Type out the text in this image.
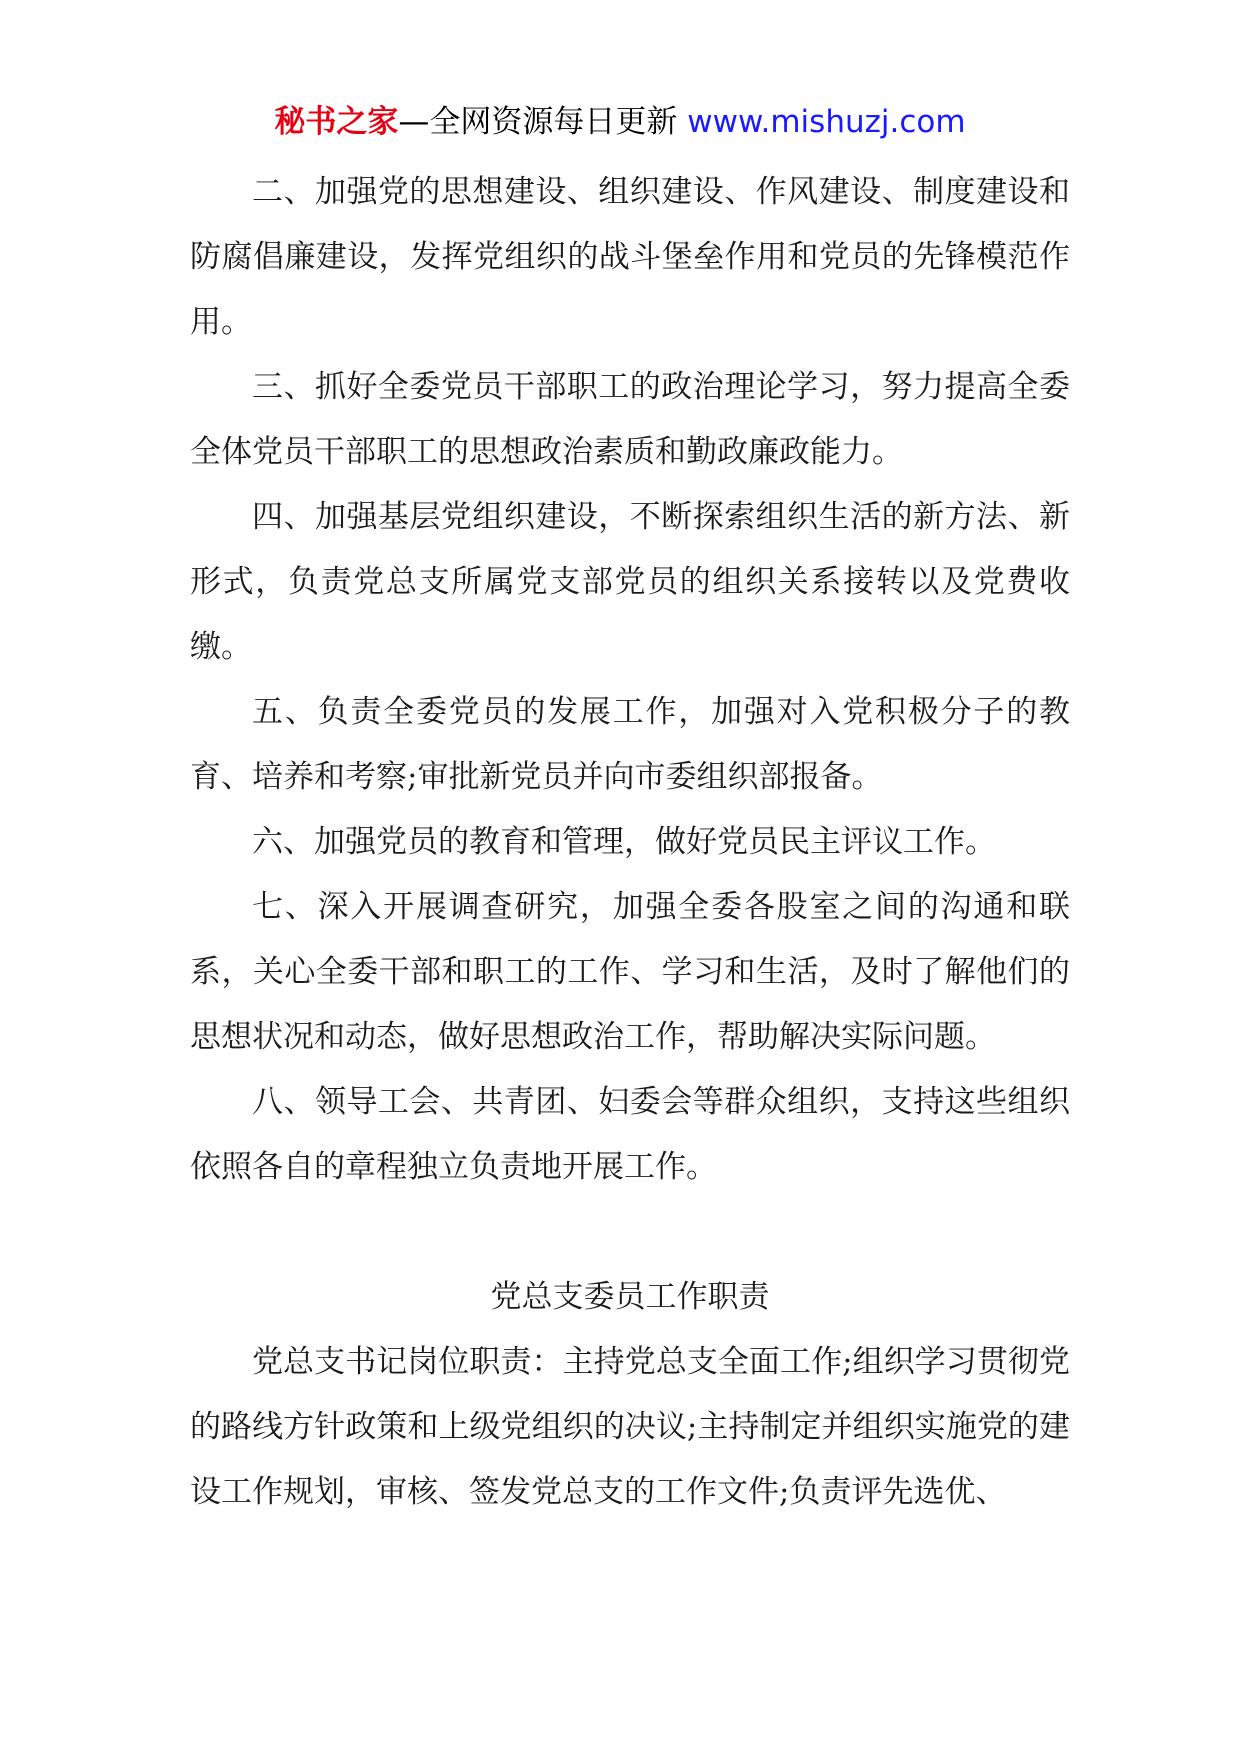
秘书之家—全网资源每日更新 www.mishuzj.com

二、加强党的思想建设、组织建设、作风建设、制度建设和防腐倡廉建设，发挥党组织的战斗堡垒作用和党员的先锋模范作用。

三、抓好全委党员干部职工的政治理论学习，努力提高全委全体党员干部职工的思想政治素质和勤政廉政能力。

四、加强基层党组织建设，不断探索组织生活的新方法、新形式，负责党总支所属党支部党员的组织关系接转以及党费收缴。

五、负责全委党员的发展工作，加强对入党积极分子的教育、培养和考察;审批新党员并向市委组织部报备。

六、加强党员的教育和管理，做好党员民主评议工作。

七、深入开展调查研究，加强全委各股室之间的沟通和联系，关心全委干部和职工的工作、学习和生活，及时了解他们的思想状况和动态，做好思想政治工作，帮助解决实际问题。

八、领导工会、共青团、妇委会等群众组织，支持这些组织依照各自的章程独立负责地开展工作。

党总支委员工作职责

党总支书记岗位职责：主持党总支全面工作;组织学习贯彻党的路线方针政策和上级党组织的决议;主持制定并组织实施党的建设工作规划，审核、签发党总支的工作文件;负责评先选优、
